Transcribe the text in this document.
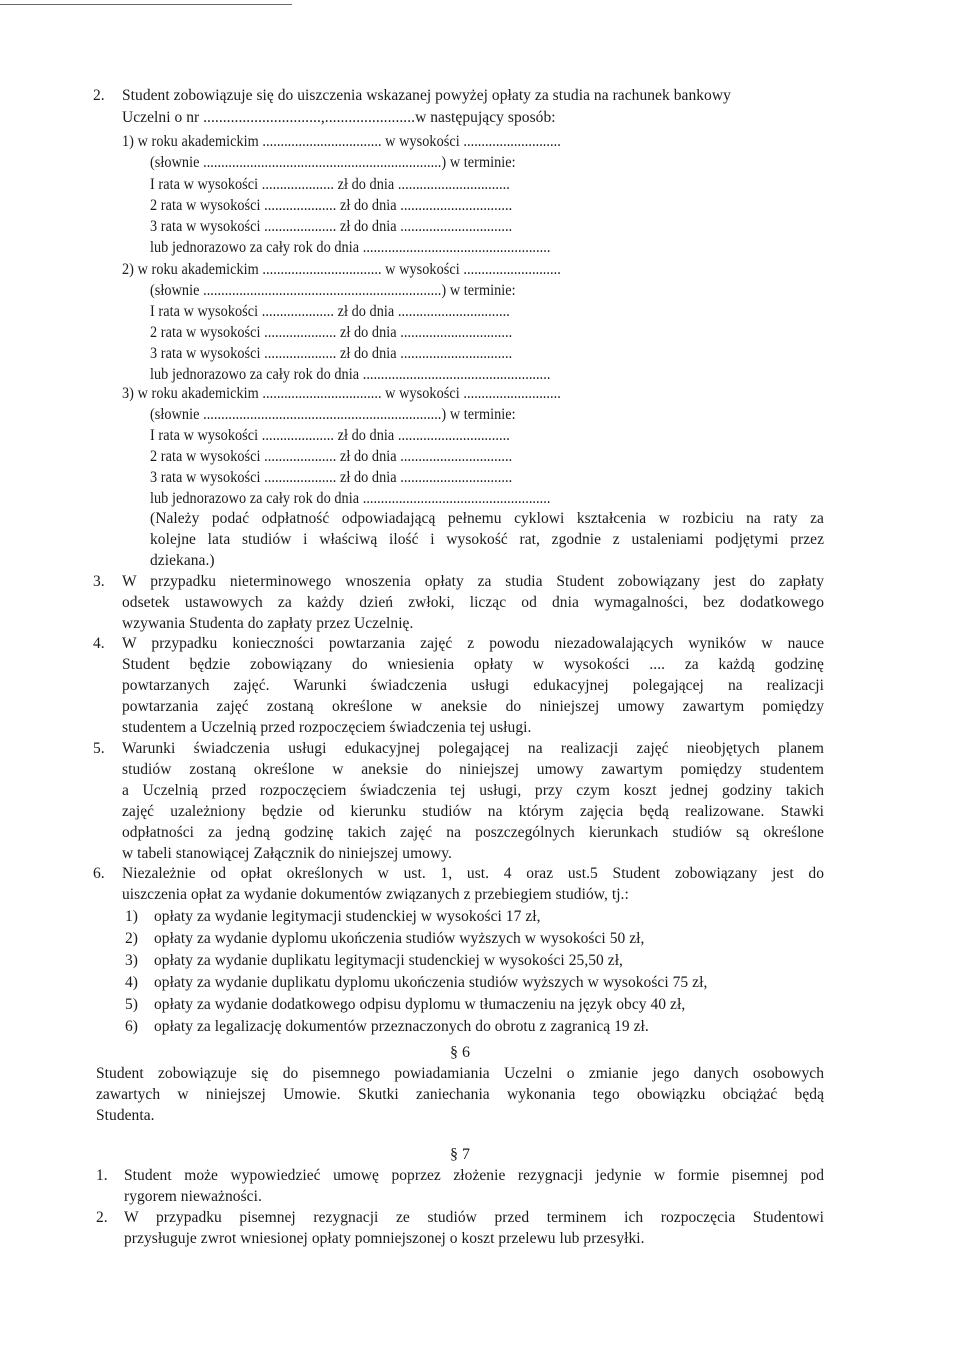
2. Student zobowiązuje się do uiszczenia wskazanej powyżej opłaty za studia na rachunek bankowy
Uczelni o nr ..............................,.......................w następujący sposób:
1) w roku akademickim ................................. w wysokości ...........................
(słownie ..................................................................) w terminie:
I rata w wysokości .................... zł do dnia ...............................
2 rata w wysokości .................... zł do dnia ...............................
3 rata w wysokości .................... zł do dnia ...............................
lub jednorazowo za cały rok do dnia ....................................................
2) w roku akademickim ................................. w wysokości ...........................
(słownie ..................................................................) w terminie:
I rata w wysokości .................... zł do dnia ...............................
2 rata w wysokości .................... zł do dnia ...............................
3 rata w wysokości .................... zł do dnia ...............................
lub jednorazowo za cały rok do dnia ....................................................
3) w roku akademickim ................................. w wysokości ...........................
(słownie ..................................................................) w terminie:
I rata w wysokości .................... zł do dnia ...............................
2 rata w wysokości .................... zł do dnia ...............................
3 rata w wysokości .................... zł do dnia ...............................
lub jednorazowo za cały rok do dnia ....................................................
(Należy podać odpłatność odpowiadającą pełnemu cyklowi kształcenia w rozbiciu na raty za
kolejne lata studiów i właściwą ilość i wysokość rat, zgodnie z ustaleniami podjętymi przez
dziekana.)
3. W przypadku nieterminowego wnoszenia opłaty za studia Student zobowiązany jest do zapłaty
odsetek ustawowych za każdy dzień zwłoki, licząc od dnia wymagalności, bez dodatkowego
wzywania Studenta do zapłaty przez Uczelnię.
4. W przypadku konieczności powtarzania zajęć z powodu niezadowalających wyników w nauce
Student będzie zobowiązany do wniesienia opłaty w wysokości .... za każdą godzinę
powtarzanych zajęć. Warunki świadczenia usługi edukacyjnej polegającej na realizacji
powtarzania zajęć zostaną określone w aneksie do niniejszej umowy zawartym pomiędzy
studentem a Uczelnią przed rozpoczęciem świadczenia tej usługi.
5. Warunki świadczenia usługi edukacyjnej polegającej na realizacji zajęć nieobjętych planem
studiów zostaną określone w aneksie do niniejszej umowy zawartym pomiędzy studentem
a Uczelnią przed rozpoczęciem świadczenia tej usługi, przy czym koszt jednej godziny takich
zajęć uzależniony będzie od kierunku studiów na którym zajęcia będą realizowane. Stawki
odpłatności za jedną godzinę takich zajęć na poszczególnych kierunkach studiów są określone
w tabeli stanowiącej Załącznik do niniejszej umowy.
6. Niezależnie od opłat określonych w ust. 1, ust. 4 oraz ust.5 Student zobowiązany jest do
uiszczenia opłat za wydanie dokumentów związanych z przebiegiem studiów, tj.:
1) opłaty za wydanie legitymacji studenckiej w wysokości 17 zł,
2) opłaty za wydanie dyplomu ukończenia studiów wyższych w wysokości 50 zł,
3) opłaty za wydanie duplikatu legitymacji studenckiej w wysokości 25,50 zł,
4) opłaty za wydanie duplikatu dyplomu ukończenia studiów wyższych w wysokości 75 zł,
5) opłaty za wydanie dodatkowego odpisu dyplomu w tłumaczeniu na język obcy 40 zł,
6) opłaty za legalizację dokumentów przeznaczonych do obrotu z zagranicą 19 zł.
§ 6
Student zobowiązuje się do pisemnego powiadamiania Uczelni o zmianie jego danych osobowych
zawartych w niniejszej Umowie. Skutki zaniechania wykonania tego obowiązku obciążać będą
Studenta.
§ 7
1. Student może wypowiedzieć umowę poprzez złożenie rezygnacji jedynie w formie pisemnej pod
rygorem nieważności.
2. W przypadku pisemnej rezygnacji ze studiów przed terminem ich rozpoczęcia Studentowi
przysługuje zwrot wniesionej opłaty pomniejszonej o koszt przelewu lub przesyłki.
